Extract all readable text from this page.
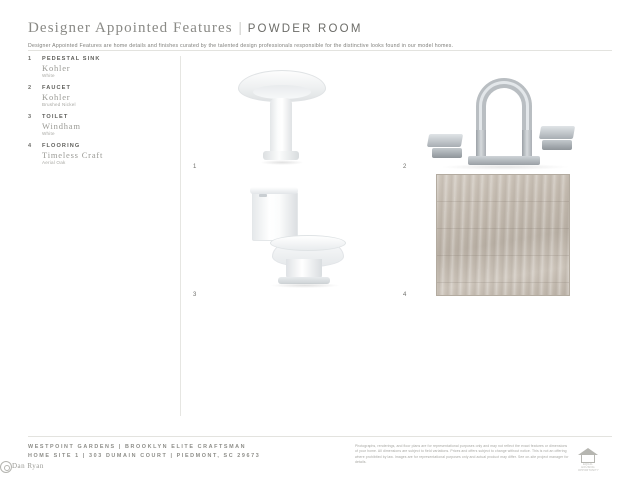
Designer Appointed Features | POWDER ROOM
Designer Appointed Features are home details and finishes curated by the talented design professionals responsible for the distinctive looks found in our model homes.
1 PEDESTAL SINK
Kohler
White
2 FAUCET
Kohler
Brushed Nickel
3 TOILET
Windham
White
4 FLOORING
Timeless Craft
Aerial Oak
1	2
3	4
WESTPOINT GARDENS | BROOKLYN ELITE CRAFTSMAN
HOME SITE 1 | 303 DUMAIN COURT | PIEDMONT, SC 29673
Dan Ryan
Photographs, renderings, and floor plans are for representational purposes only and may not reflect the exact features or dimensions of your home. All dimensions are subject to field variations. Prices and offers subject to change without notice. This is not an offering where prohibited by law. Images are for representational purposes only and actual product may differ. See on-site project manager for details.
EQUAL HOUSING OPPORTUNITY
